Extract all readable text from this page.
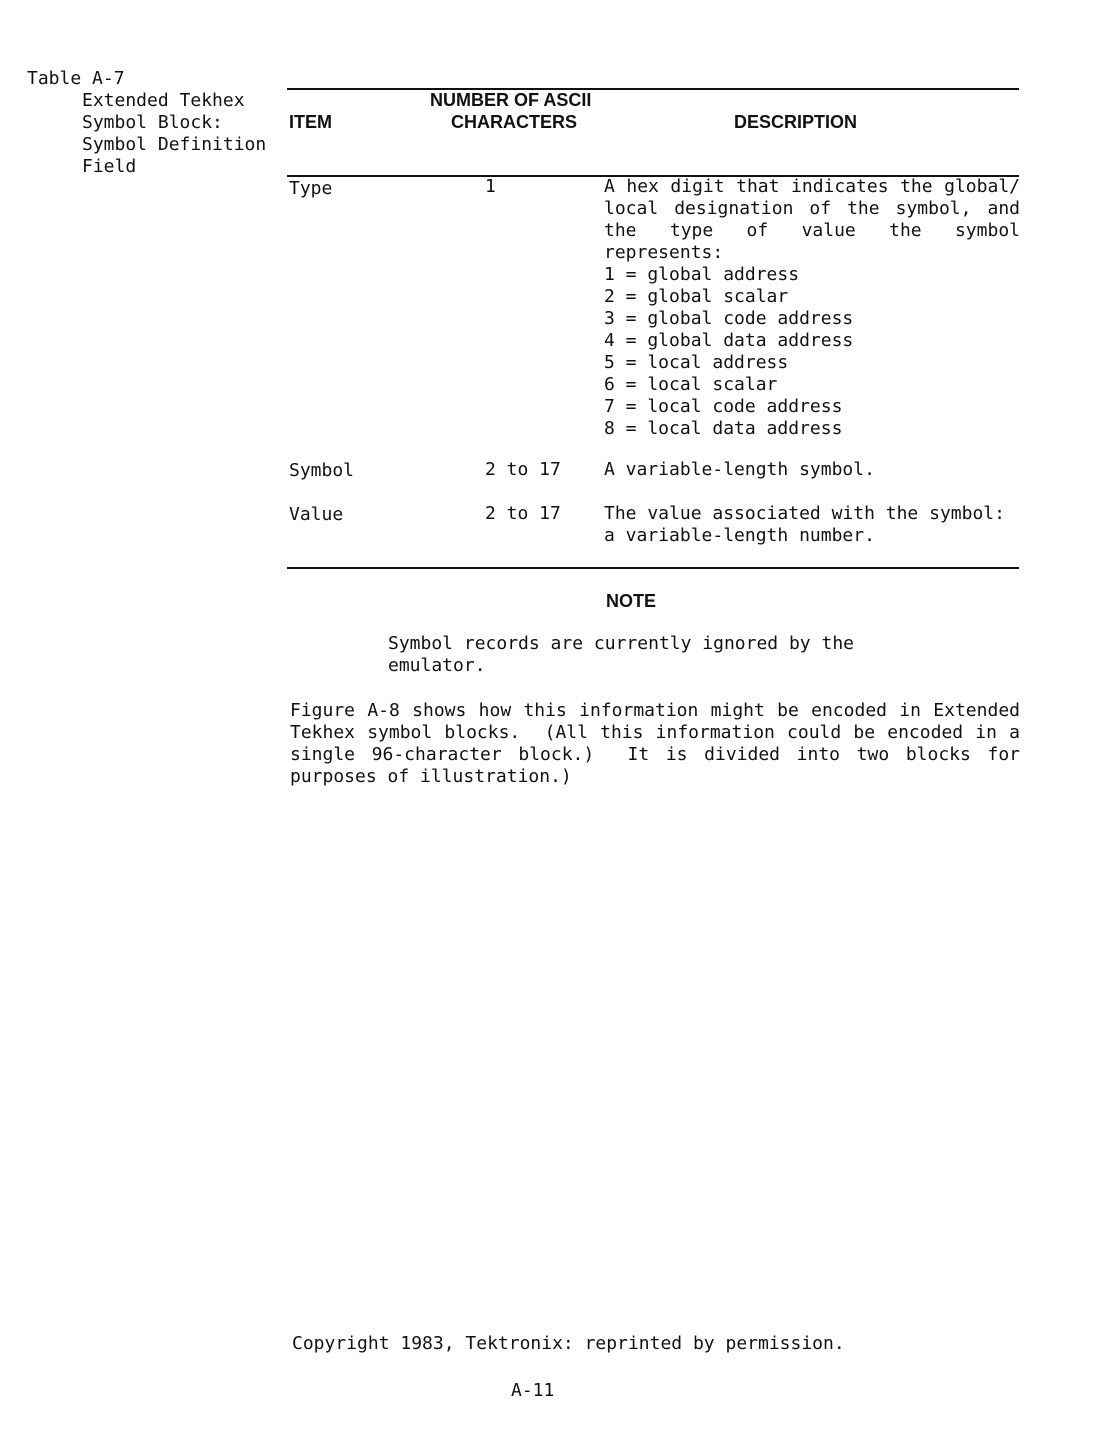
Table A-7
Extended Tekhex
Symbol Block:
Symbol Definition
Field
NUMBER OF ASCII
ITEM	CHARACTERS	DESCRIPTION
Type	1	A hex digit that indicates the global/
local designation of the symbol, and
the type of value the symbol
represents:
1 = global address
2 = global scalar
3 = global code address
4 = global data address
5 = local address
6 = local scalar
7 = local code address
8 = local data address
Symbol	2 to 17 A variable-length symbol.
Value	2 to 17 The value associated with the symbol:
a variable-length number.
NOTE
Symbol records are currently ignored by the
emulator.
Figure A-8 shows how this information might be encoded in Extended
Tekhex symbol blocks.  (All this information could be encoded in a
single 96-character block.)  It is divided into two blocks for
purposes of illustration.)
Copyright 1983, Tektronix: reprinted by permission.
A-11
